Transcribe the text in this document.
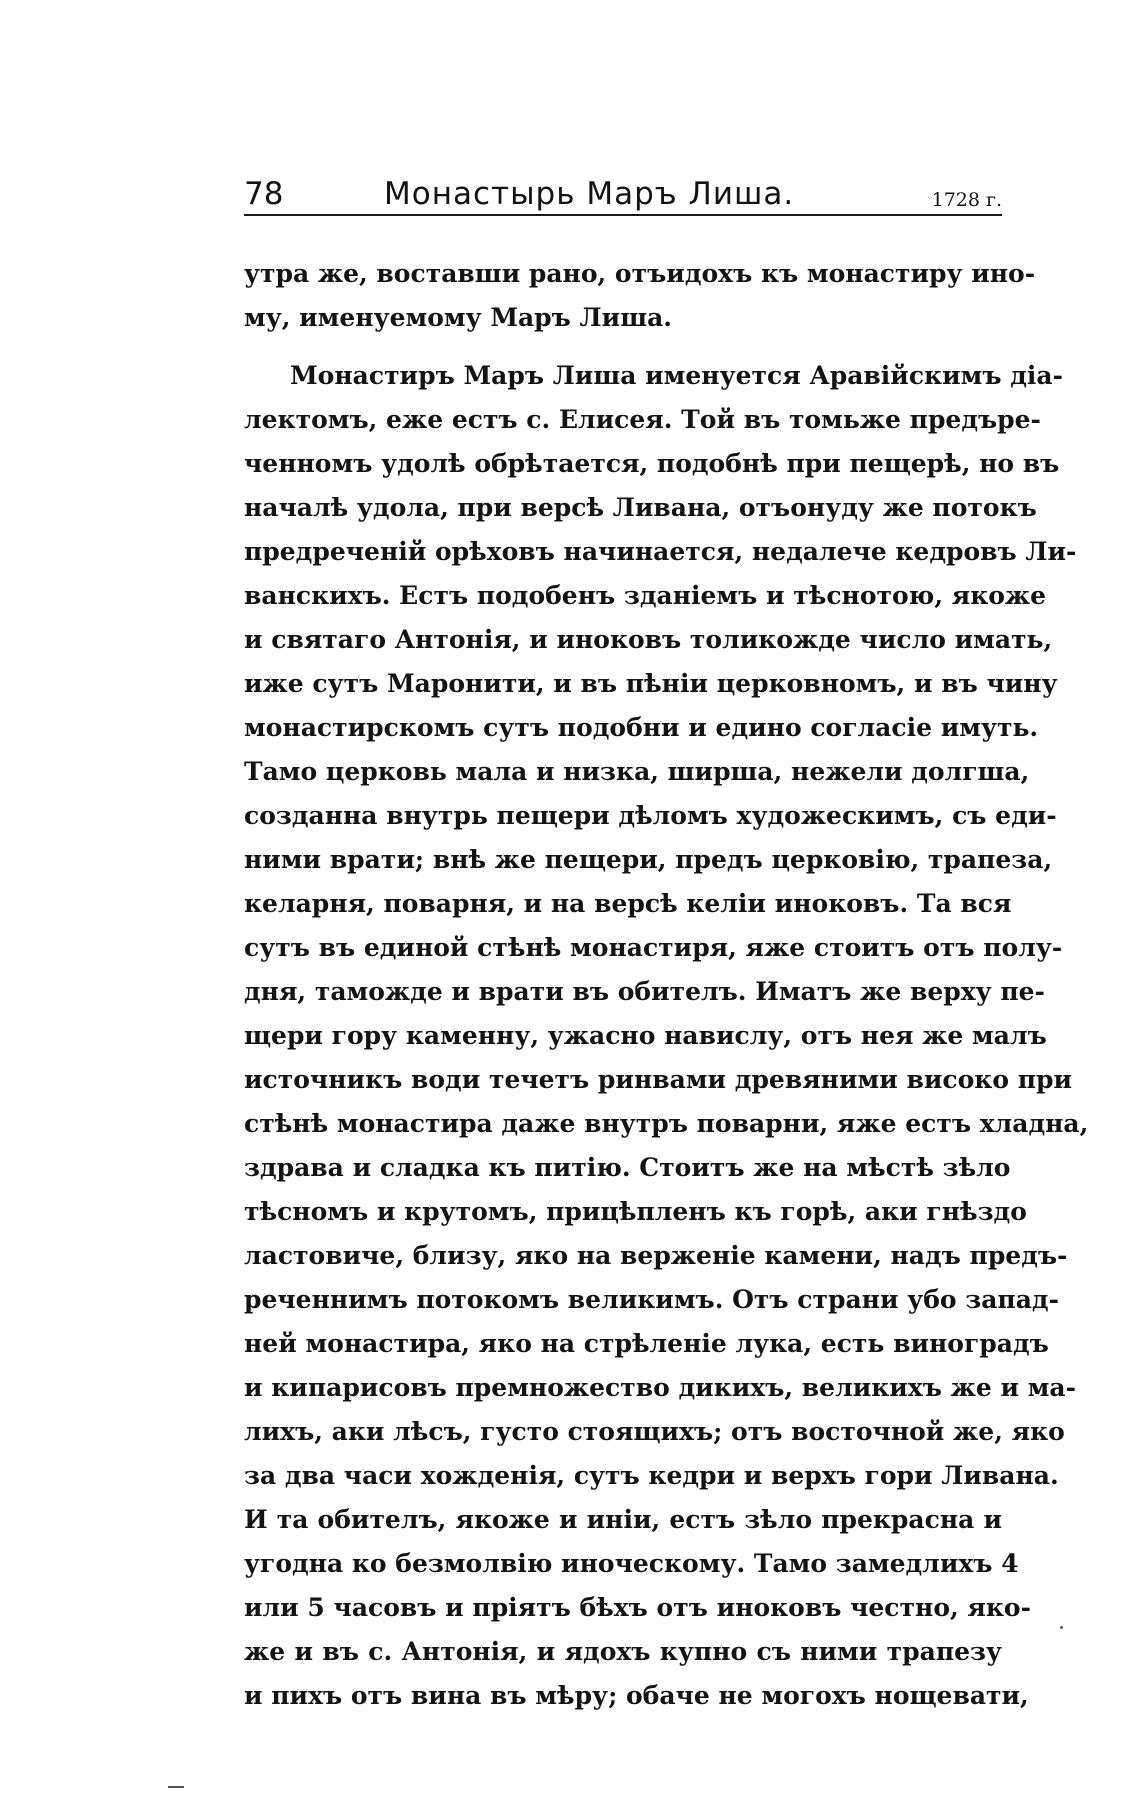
78	Монастырь Маръ Лиша.	1728 г.
утра же, воставши рано, отъидохъ къ монастиру ино-
му, именуемому Маръ Лиша.
Монастиръ Маръ Лиша именуется Аравійскимъ діа-
лектомъ, еже естъ с. Елисея. Той въ томьже предъре-
ченномъ удолѣ обрѣтается, подобнѣ при пещерѣ, но въ
началѣ удола, при версѣ Ливана, отъонуду же потокъ
предреченій орѣховъ начинается, недалече кедровъ Ли-
ванскихъ. Естъ подобенъ зданіемъ и тѣснотою, якоже
и святаго Антонія, и иноковъ толикожде число имать,
иже сутъ Маронити, и въ пѣніи церковномъ, и въ чину
монастирскомъ сутъ подобни и едино согласіе имуть.
Тамо церковь мала и низка, ширша, нежели долгша,
созданна внутрь пещери дѣломъ художескимъ, съ еди-
ними врати; внѣ же пещери, предъ церковію, трапеза,
келарня, поварня, и на версѣ келіи иноковъ. Та вся
сутъ въ единой стѣнѣ монастиря, яже стоитъ отъ полу-
дня, таможде и врати въ обителъ. Иматъ же верху пе-
щери гору каменну, ужасно навислу, отъ нея же малъ
источникъ води течетъ ринвами древяними високо при
стѣнѣ монастира даже внутръ поварни, яже естъ хладна,
здрава и сладка къ питію. Стоитъ же на мѣстѣ зѣло
тѣсномъ и крутомъ, прицѣпленъ къ горѣ, аки гнѣздо
ластовиче, близу, яко на верженіе камени, надъ предъ-
реченнимъ потокомъ великимъ. Отъ страни убо запад-
ней монастира, яко на стрѣленіе лука, есть виноградъ
и кипарисовъ премножество дикихъ, великихъ же и ма-
лихъ, аки лѣсъ, густо стоящихъ; отъ восточной же, яко
за два часи хожденія, сутъ кедри и верхъ гори Ливана.
И та обителъ, якоже и иніи, естъ зѣло прекрасна и
угодна ко безмолвію иноческому. Тамо замедлихъ 4
или 5 часовъ и пріятъ бѣхъ отъ иноковъ честно, яко-
же и въ с. Антонія, и ядохъ купно съ ними трапезу
и пихъ отъ вина въ мѣру; обаче не могохъ нощевати,
